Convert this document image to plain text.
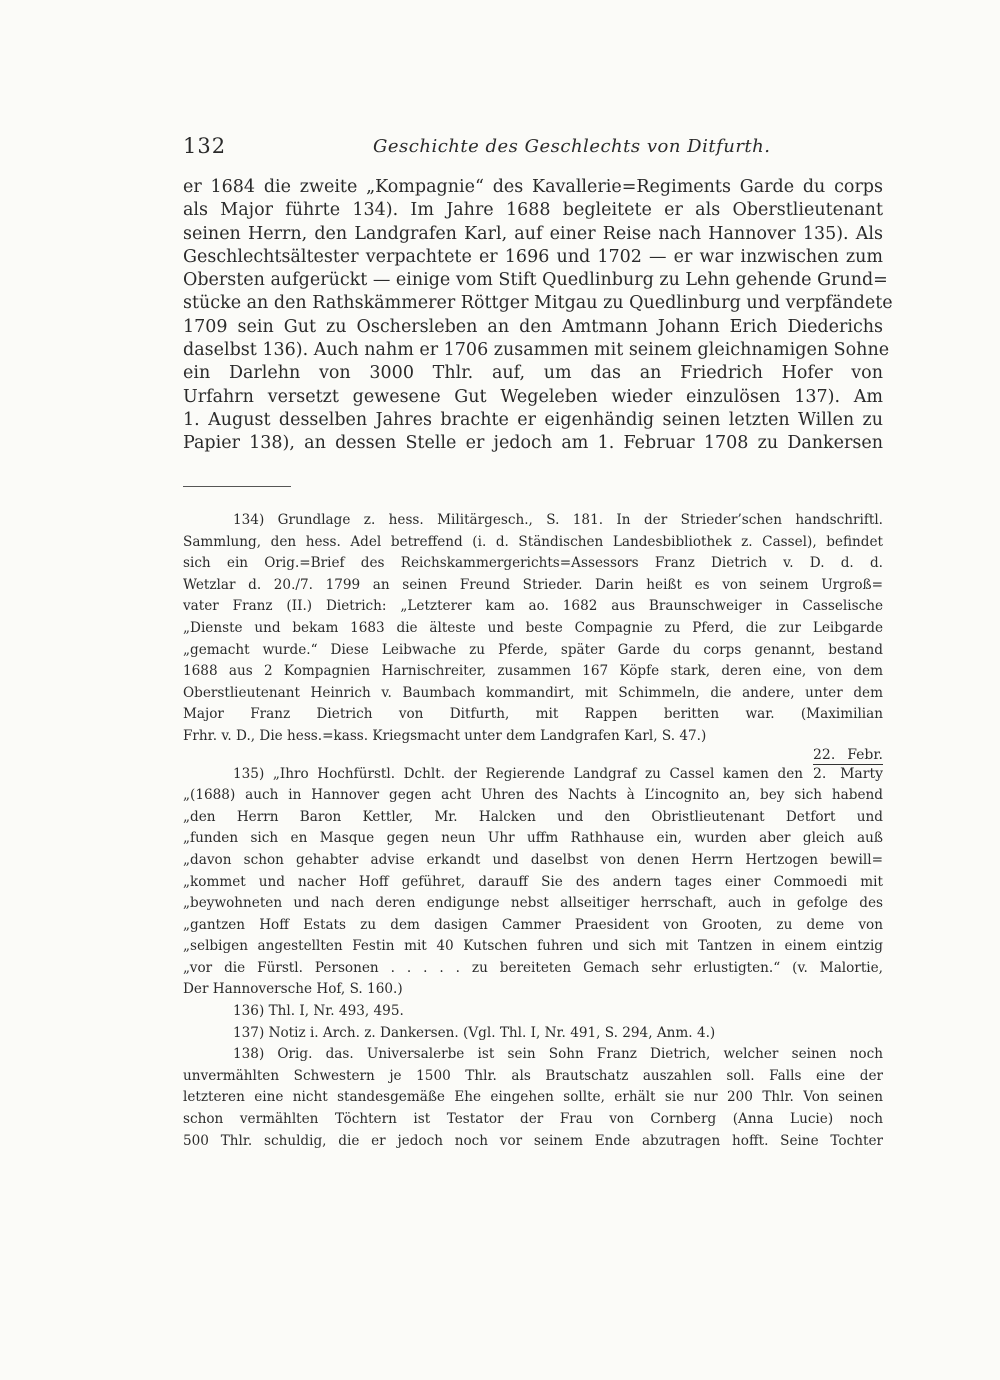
132	Geschichte des Geschlechts von Ditfurth.
er 1684 die zweite „Kompagnie“ des Kavallerie=Regiments Garde du corps
als Major führte 134). Im Jahre 1688 begleitete er als Oberstlieutenant
seinen Herrn, den Landgrafen Karl, auf einer Reise nach Hannover 135). Als
Geschlechtsältester verpachtete er 1696 und 1702 — er war inzwischen zum
Obersten aufgerückt — einige vom Stift Quedlinburg zu Lehn gehende Grund=
stücke an den Rathskämmerer Röttger Mitgau zu Quedlinburg und verpfändete
1709 sein Gut zu Oschersleben an den Amtmann Johann Erich Diederichs
daselbst 136). Auch nahm er 1706 zusammen mit seinem gleichnamigen Sohne
ein Darlehn von 3000 Thlr. auf, um das an Friedrich Hofer von
Urfahrn versetzt gewesene Gut Wegeleben wieder einzulösen 137). Am
1. August desselben Jahres brachte er eigenhändig seinen letzten Willen zu
Papier 138), an dessen Stelle er jedoch am 1. Februar 1708 zu Dankersen
134) Grundlage z. hess. Militärgesch., S. 181. In der Strieder’schen handschriftl.
Sammlung, den hess. Adel betreffend (i. d. Ständischen Landesbibliothek z. Cassel), befindet
sich ein Orig.=Brief des Reichskammergerichts=Assessors Franz Dietrich v. D. d. d.
Wetzlar d. 20./7. 1799 an seinen Freund Strieder. Darin heißt es von seinem Urgroß=
vater Franz (II.) Dietrich: „Letzterer kam ao. 1682 aus Braunschweiger in Casselische
„Dienste und bekam 1683 die älteste und beste Compagnie zu Pferd, die zur Leibgarde
„gemacht wurde.“ Diese Leibwache zu Pferde, später Garde du corps genannt, bestand
1688 aus 2 Kompagnien Harnischreiter, zusammen 167 Köpfe stark, deren eine, von dem
Oberstlieutenant Heinrich v. Baumbach kommandirt, mit Schimmeln, die andere, unter dem
Major Franz Dietrich von Ditfurth, mit Rappen beritten war. (Maximilian
Frhr. v. D., Die hess.=kass. Kriegsmacht unter dem Landgrafen Karl, S. 47.)
135) „Ihro Hochfürstl. Dchlt. der Regierende Landgraf zu Cassel kamen den
22. Febr.
2. Marty
„(1688) auch in Hannover gegen acht Uhren des Nachts à L’incognito an, bey sich habend
„den Herrn Baron Kettler, Mr. Halcken und den Obristlieutenant Detfort und
„funden sich en Masque gegen neun Uhr uffm Rathhause ein, wurden aber gleich auß
„davon schon gehabter advise erkandt und daselbst von denen Herrn Hertzogen bewill=
„kommet und nacher Hoff geführet, darauff Sie des andern tages einer Commoedi mit
„beywohneten und nach deren endigunge nebst allseitiger herrschaft, auch in gefolge des
„gantzen Hoff Estats zu dem dasigen Cammer Praesident von Grooten, zu deme von
„selbigen angestellten Festin mit 40 Kutschen fuhren und sich mit Tantzen in einem eintzig
„vor die Fürstl. Personen . . . . . zu bereiteten Gemach sehr erlustigten.“ (v. Malortie,
Der Hannoversche Hof, S. 160.)
136) Thl. I, Nr. 493, 495.
137) Notiz i. Arch. z. Dankersen. (Vgl. Thl. I, Nr. 491, S. 294, Anm. 4.)
138) Orig. das. Universalerbe ist sein Sohn Franz Dietrich, welcher seinen noch
unvermählten Schwestern je 1500 Thlr. als Brautschatz auszahlen soll. Falls eine der
letzteren eine nicht standesgemäße Ehe eingehen sollte, erhält sie nur 200 Thlr. Von seinen
schon vermählten Töchtern ist Testator der Frau von Cornberg (Anna Lucie) noch
500 Thlr. schuldig, die er jedoch noch vor seinem Ende abzutragen hofft. Seine Tochter
